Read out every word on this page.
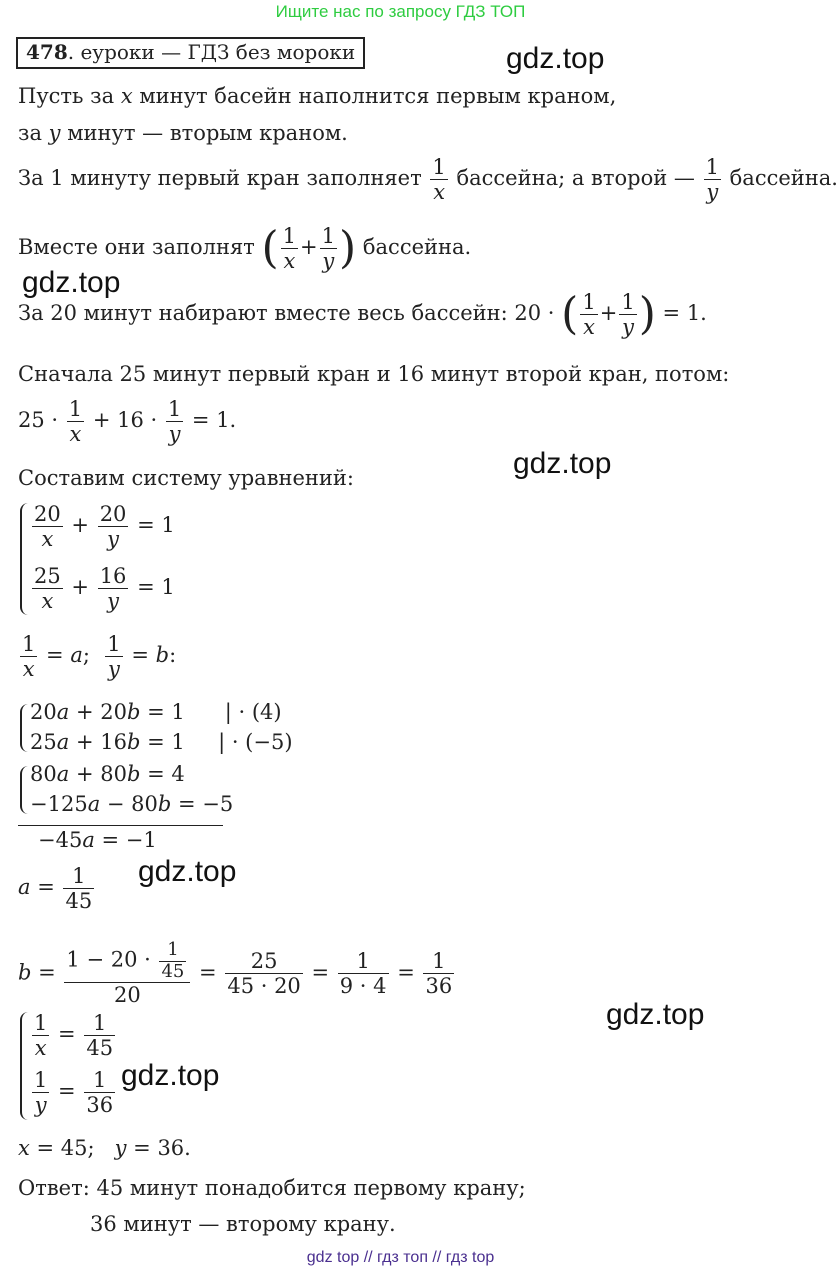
Ищите нас по запросу ГДЗ ТОП
478. еуроки — ГДЗ без мороки	gdz.top
gdz.top
gdz.top
gdz.top
gdz.top
gdz.top
Пусть за x минут басейн наполнится первым краном,
за y минут — вторым краном.
За 1 минуту первый кран заполняет $\frac{1}{x}$ бассейна; а второй — $\frac{1}{y}$ бассейна.
Вместе они заполнят ( $\frac{1}{x} + \frac{1}{y}$ ) бассейна.
За 20 минут набирают вместе весь бассейн: 20 · ( $\frac{1}{x} + \frac{1}{y}$ ) = 1.
Сначала 25 минут первый кран и 16 минут второй кран, потом:
$25 \cdot \frac{1}{x} + 16 \cdot \frac{1}{y} = 1$.
Составим систему уравнений:
$\frac{20}{x} + \frac{20}{y} = 1$
$\frac{25}{x} + \frac{16}{y} = 1$
$\frac{1}{x} = a$; $\frac{1}{y} = b$:
20a + 20b = 1      | · (4)
25a + 16b = 1     | · (−5)
80a + 80b = 4
−125a − 80b = −5
−45a = −1
$a = \frac{1}{45}$
$b = \frac{1 - 20 \cdot \frac{1}{45}}{20} = \frac{25}{45 \cdot 20} = \frac{1}{9 \cdot 4} = \frac{1}{36}$
$\frac{1}{x} = \frac{1}{45}$
$\frac{1}{y} = \frac{1}{36}$
x = 45;   y = 36.
Ответ: 45 минут понадобится первому крану;
36 минут — второму крану.
gdz top // гдз топ // гдз top
